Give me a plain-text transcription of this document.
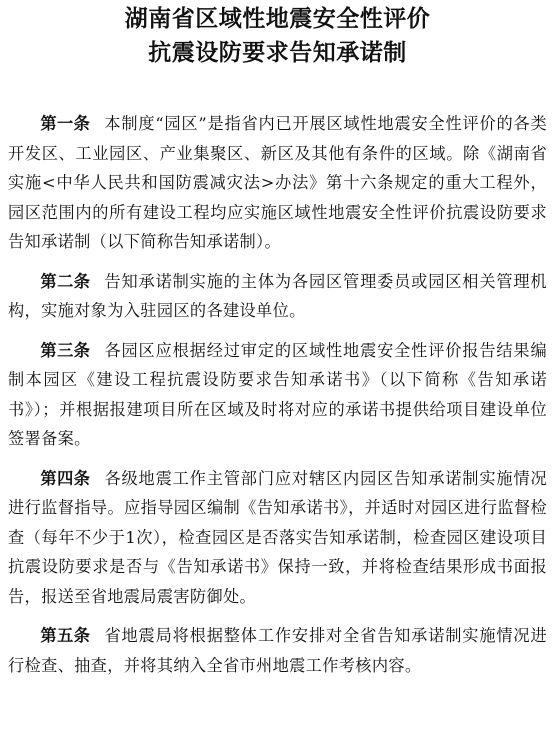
湖南省区域性地震安全性评价
抗震设防要求告知承诺制

第一条 本制度“园区”是指省内已开展区域性地震安全性评价的各类开发区、工业园区、产业集聚区、新区及其他有条件的区域。除《湖南省实施<中华人民共和国防震减灾法>办法》第十六条规定的重大工程外，园区范围内的所有建设工程均应实施区域性地震安全性评价抗震设防要求告知承诺制（以下简称告知承诺制）。

第二条 告知承诺制实施的主体为各园区管理委员或园区相关管理机构，实施对象为入驻园区的各建设单位。

第三条 各园区应根据经过审定的区域性地震安全性评价报告结果编制本园区《建设工程抗震设防要求告知承诺书》（以下简称《告知承诺书》）；并根据报建项目所在区域及时将对应的承诺书提供给项目建设单位签署备案。

第四条 各级地震工作主管部门应对辖区内园区告知承诺制实施情况进行监督指导。应指导园区编制《告知承诺书》，并适时对园区进行监督检查（每年不少于1次），检查园区是否落实告知承诺制，检查园区建设项目抗震设防要求是否与《告知承诺书》保持一致，并将检查结果形成书面报告，报送至省地震局震害防御处。

第五条 省地震局将根据整体工作安排对全省告知承诺制实施情况进行检查、抽查，并将其纳入全省市州地震工作考核内容。
